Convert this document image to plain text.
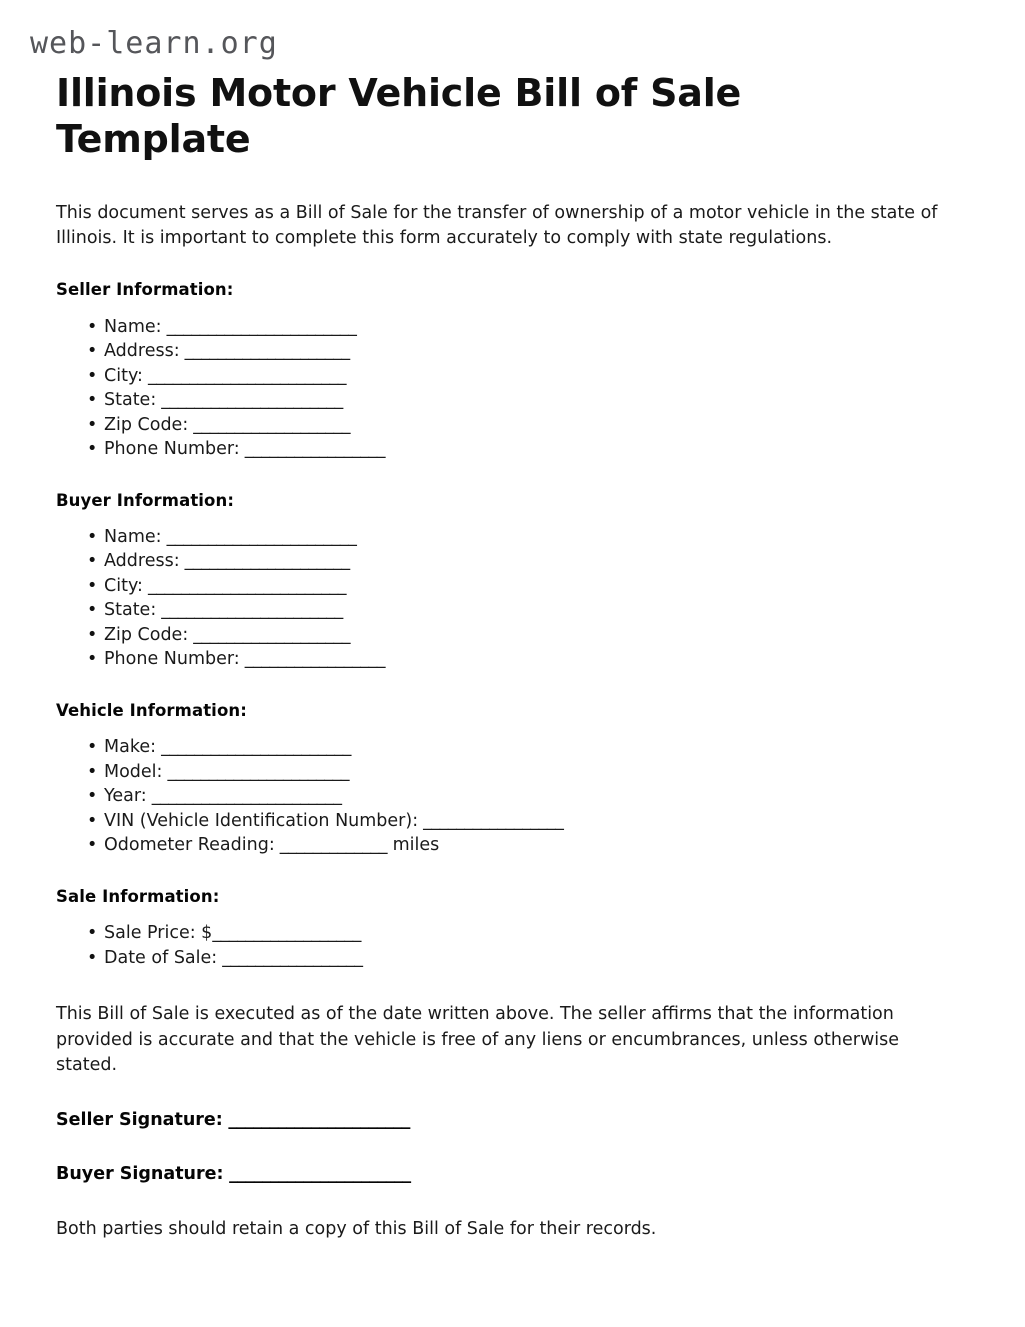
web-learn.org
Illinois Motor Vehicle Bill of Sale Template

This document serves as a Bill of Sale for the transfer of ownership of a motor vehicle in the state of Illinois. It is important to complete this form accurately to comply with state regulations.

Seller Information:
• Name: _______________________
• Address: ____________________
• City: ________________________
• State: ______________________
• Zip Code: ___________________
• Phone Number: _________________
Buyer Information:
• Name: _______________________
• Address: ____________________
• City: ________________________
• State: ______________________
• Zip Code: ___________________
• Phone Number: _________________
Vehicle Information:
• Make: _______________________
• Model: ______________________
• Year: _______________________
• VIN (Vehicle Identification Number): _________________
• Odometer Reading: _____________ miles
Sale Information:
• Sale Price: $__________________
• Date of Sale: _________________

This Bill of Sale is executed as of the date written above. The seller affirms that the information provided is accurate and that the vehicle is free of any liens or encumbrances, unless otherwise stated.

Seller Signature: ______________________
Buyer Signature: ______________________

Both parties should retain a copy of this Bill of Sale for their records.
